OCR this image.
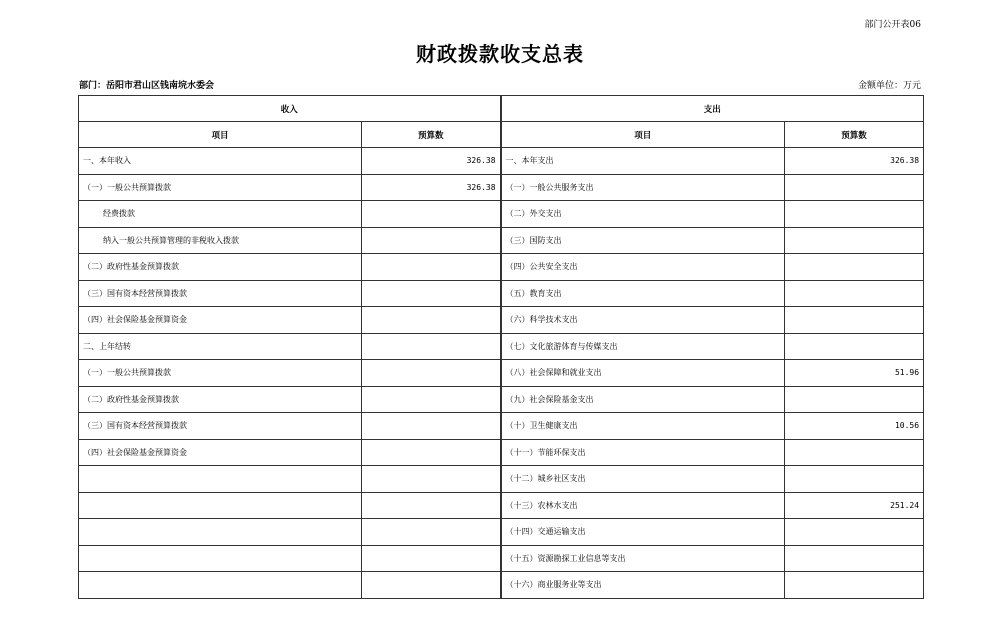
部门公开表06
财政拨款收支总表
部门：岳阳市君山区钱南垸水委会	金额单位：万元
收入		支出	
项目	预算数	项目	预算数
一、本年收入	326.38	一、本年支出	326.38
（一）一般公共预算拨款	326.38	（一）一般公共服务支出	
经费拨款		（二）外交支出	
纳入一般公共预算管理的非税收入拨款		（三）国防支出	
（二）政府性基金预算拨款		（四）公共安全支出	
（三）国有资本经营预算拨款		（五）教育支出	
（四）社会保险基金预算资金		（六）科学技术支出	
二、上年结转		（七）文化旅游体育与传媒支出	
（一）一般公共预算拨款		（八）社会保障和就业支出	51.96
（二）政府性基金预算拨款		（九）社会保险基金支出	
（三）国有资本经营预算拨款		（十）卫生健康支出	10.56
（四）社会保险基金预算资金		（十一）节能环保支出	
		（十二）城乡社区支出	
		（十三）农林水支出	251.24
		（十四）交通运输支出	
		（十五）资源勘探工业信息等支出	
		（十六）商业服务业等支出	
